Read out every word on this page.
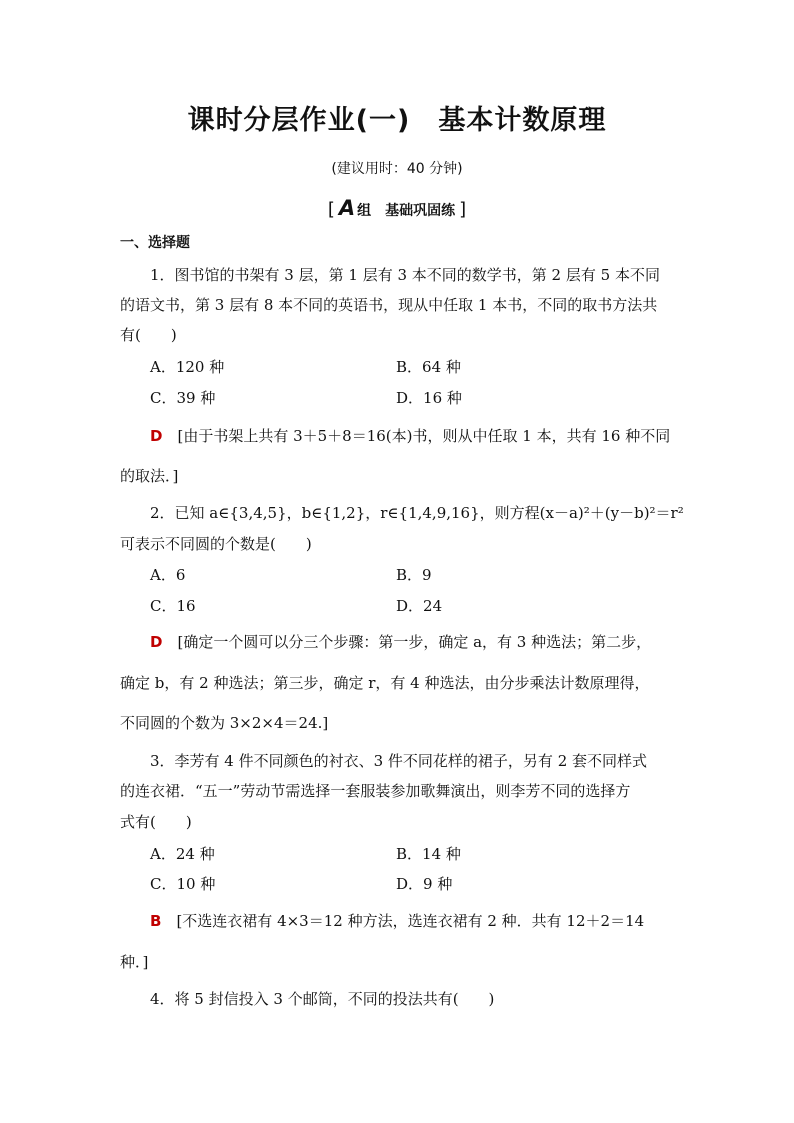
课时分层作业(一)　基本计数原理
(建议用时：40 分钟)
[ A 组　基础巩固练 ]
一、选择题
1．图书馆的书架有 3 层，第 1 层有 3 本不同的数学书，第 2 层有 5 本不同
的语文书，第 3 层有 8 本不同的英语书，现从中任取 1 本书，不同的取书方法共
有(　　)
A．120 种	B．64 种
C．39 种	D．16 种
D　 [由于书架上共有 3＋5＋8＝16(本)书，则从中任取 1 本，共有 16 种不同
的取法．]
2．已知 a∈{3,4,5}，b∈{1,2}，r∈{1,4,9,16}，则方程(x－a)²＋(y－b)²＝r²
可表示不同圆的个数是(　　)
A．6	B．9
C．16	D．24
D　 [确定一个圆可以分三个步骤：第一步，确定 a，有 3 种选法；第二步，
确定 b，有 2 种选法；第三步，确定 r，有 4 种选法，由分步乘法计数原理得，
不同圆的个数为 3×2×4＝24.]
3．李芳有 4 件不同颜色的衬衣、3 件不同花样的裙子，另有 2 套不同样式
的连衣裙．“五一”劳动节需选择一套服装参加歌舞演出，则李芳不同的选择方
式有(　　)
A．24 种	B．14 种
C．10 种	D．9 种
B　 [不选连衣裙有 4×3＝12 种方法，选连衣裙有 2 种．共有 12＋2＝14
种．]
4．将 5 封信投入 3 个邮筒，不同的投法共有(　　)
